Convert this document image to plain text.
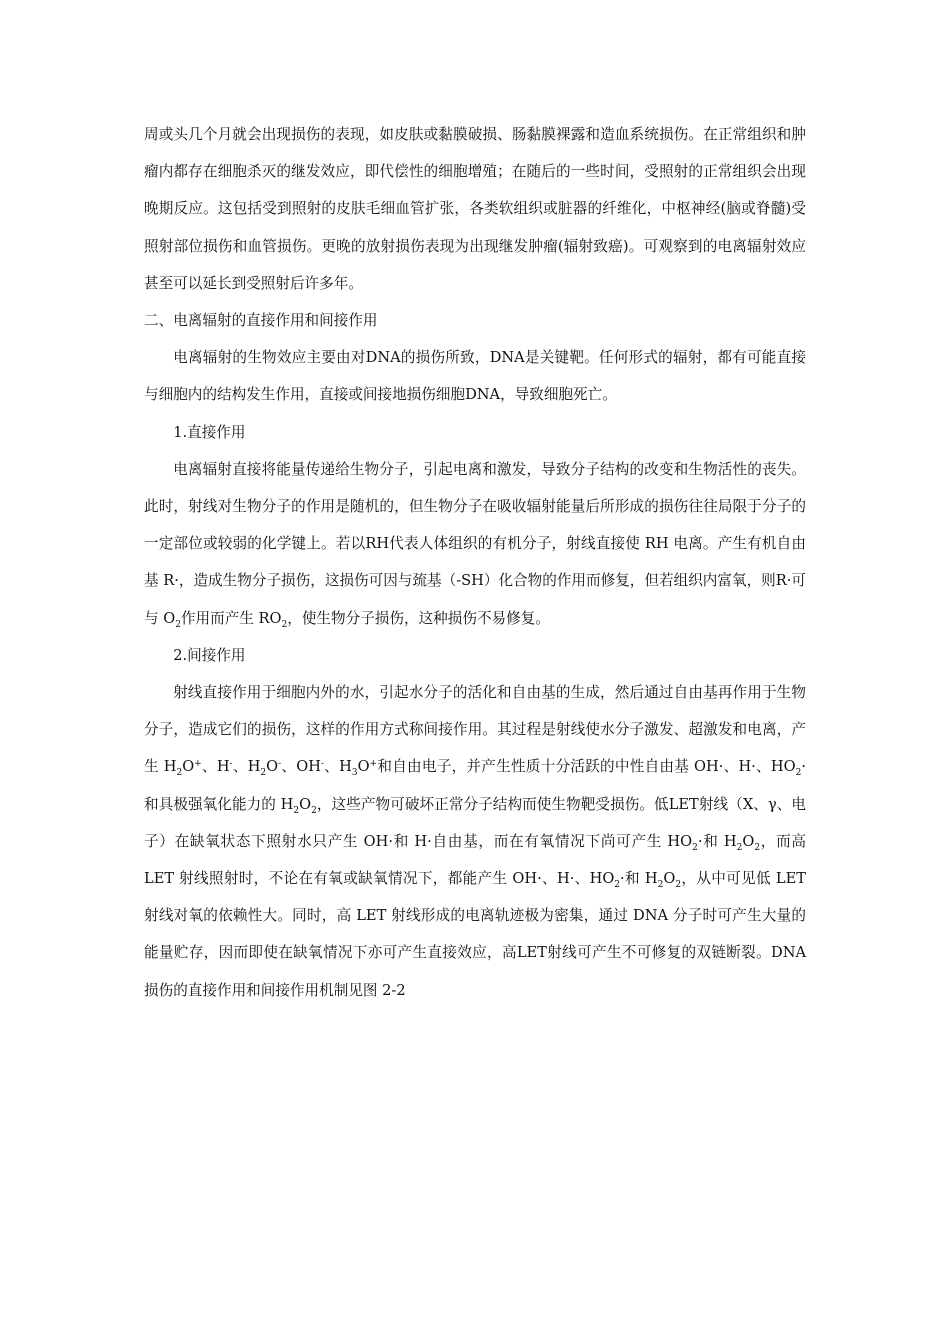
周或头几个月就会出现损伤的表现，如皮肤或黏膜破损、肠黏膜裸露和造血系统损伤。在正常组织和肿瘤内都存在细胞杀灭的继发效应，即代偿性的细胞增殖；在随后的一些时间，受照射的正常组织会出现晚期反应。这包括受到照射的皮肤毛细血管扩张，各类软组织或脏器的纤维化，中枢神经(脑或脊髓)受照射部位损伤和血管损伤。更晚的放射损伤表现为出现继发肿瘤(辐射致癌)。可观察到的电离辐射效应甚至可以延长到受照射后许多年。

二、电离辐射的直接作用和间接作用

电离辐射的生物效应主要由对DNA的损伤所致，DNA是关键靶。任何形式的辐射，都有可能直接与细胞内的结构发生作用，直接或间接地损伤细胞DNA，导致细胞死亡。

1.直接作用

电离辐射直接将能量传递给生物分子，引起电离和激发，导致分子结构的改变和生物活性的丧失。此时，射线对生物分子的作用是随机的，但生物分子在吸收辐射能量后所形成的损伤往往局限于分子的一定部位或较弱的化学键上。若以RH代表人体组织的有机分子，射线直接使 RH 电离。产生有机自由基 R·，造成生物分子损伤，这损伤可因与巯基（-SH）化合物的作用而修复，但若组织内富氧，则R·可与 $O_2$作用而产生 $RO_2$，使生物分子损伤，这种损伤不易修复。

2.间接作用

射线直接作用于细胞内外的水，引起水分子的活化和自由基的生成，然后通过自由基再作用于生物分子，造成它们的损伤，这样的作用方式称间接作用。其过程是射线使水分子激发、超激发和电离，产生 $H_2O^+$、H-、$H_2O^-$、OH-、$H_3O^+$和自由电子，并产生性质十分活跃的中性自由基 OH·、H·、$HO_2\cdot$和具极强氧化能力的 $H_2O_2$，这些产物可破坏正常分子结构而使生物靶受损伤。低LET射线（X、γ、电子）在缺氧状态下照射水只产生 OH·和 H·自由基，而在有氧情况下尚可产生 $HO_2\cdot$和 $H_2O_2$，而高 LET 射线照射时，不论在有氧或缺氧情况下，都能产生 OH·、H·、$HO_2\cdot$和 $H_2O_2$，从中可见低 LET 射线对氧的依赖性大。同时，高 LET 射线形成的电离轨迹极为密集，通过 DNA 分子时可产生大量的能量贮存，因而即使在缺氧情况下亦可产生直接效应，高LET射线可产生不可修复的双链断裂。DNA 损伤的直接作用和间接作用机制见图 2-2
